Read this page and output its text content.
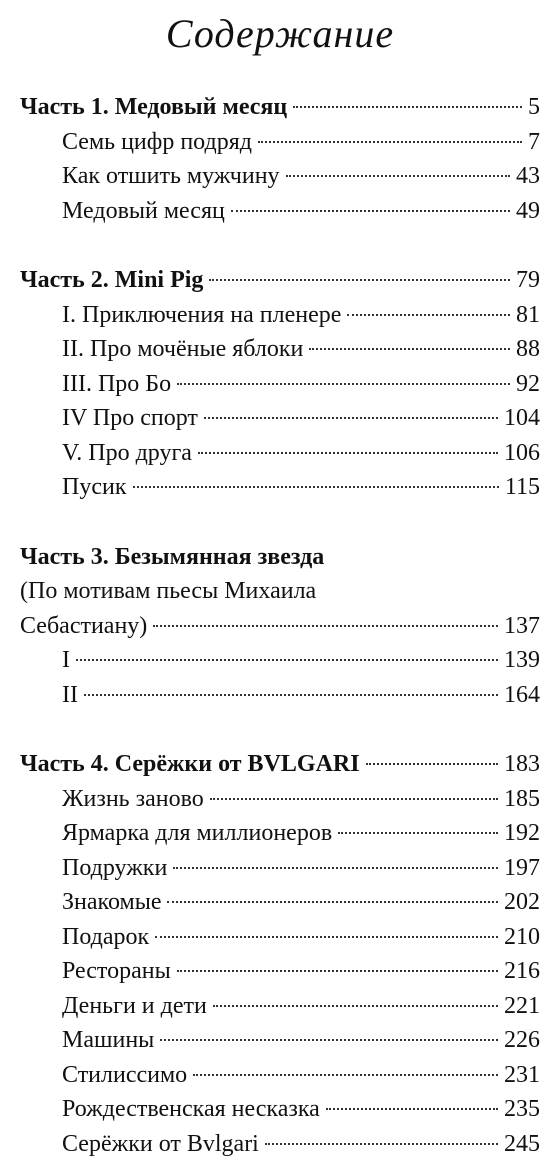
Содержание
Часть 1. Медовый месяц	5
Семь цифр подряд	7
Как отшить мужчину	43
Медовый месяц	49
Часть 2. Mini Pig	79
I. Приключения на пленере	81
II. Про мочёные яблоки	88
III. Про Бо	92
IV Про спорт	104
V. Про друга	106
Пусик	115
Часть 3. Безымянная звезда
(По мотивам пьесы Михаила
Себастиану)	137
I	139
II	164
Часть 4. Серёжки от BVLGARI	183
Жизнь заново	185
Ярмарка для миллионеров	192
Подружки	197
Знакомые	202
Подарок	210
Рестораны	216
Деньги и дети	221
Машины	226
Стилиссимо	231
Рождественская несказка	235
Серёжки от Bvlgari	245
